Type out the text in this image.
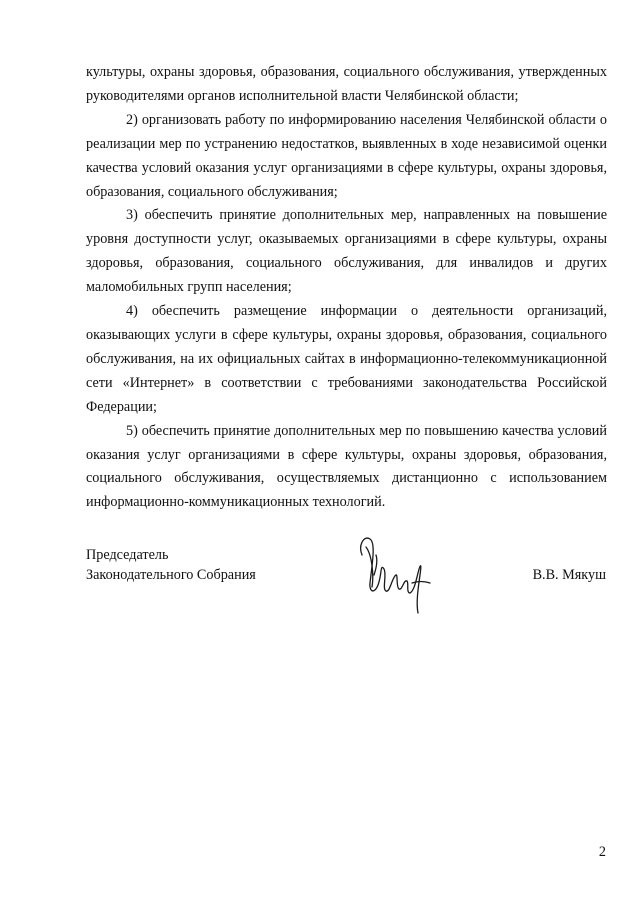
культуры, охраны здоровья, образования, социального обслуживания, утвержденных руководителями органов исполнительной власти Челябинской области;

2) организовать работу по информированию населения Челябинской области о реализации мер по устранению недостатков, выявленных в ходе независимой оценки качества условий оказания услуг организациями в сфере культуры, охраны здоровья, образования, социального обслуживания;

3) обеспечить принятие дополнительных мер, направленных на повышение уровня доступности услуг, оказываемых организациями в сфере культуры, охраны здоровья, образования, социального обслуживания, для инвалидов и других маломобильных групп населения;

4) обеспечить размещение информации о деятельности организаций, оказывающих услуги в сфере культуры, охраны здоровья, образования, социального обслуживания, на их официальных сайтах в информационно-телекоммуникационной сети «Интернет» в соответствии с требованиями законодательства Российской Федерации;

5) обеспечить принятие дополнительных мер по повышению качества условий оказания услуг организациями в сфере культуры, охраны здоровья, образования, социального обслуживания, осуществляемых дистанционно с использованием информационно-коммуникационных технологий.

Председатель
Законодательного Собрания	В.В. Мякуш
2
